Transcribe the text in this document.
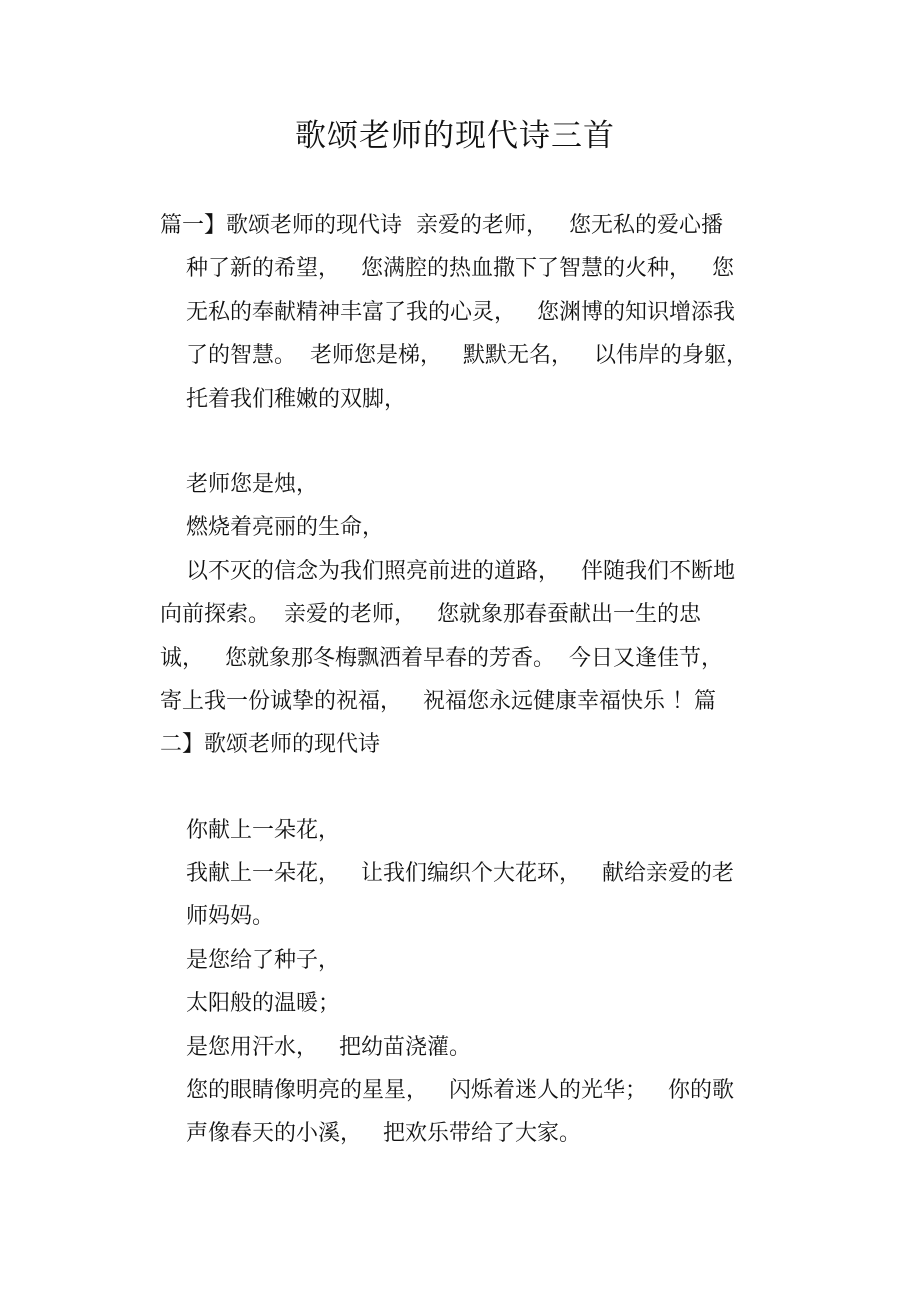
歌颂老师的现代诗三首
篇一】歌颂老师的现代诗  亲爱的老师，   您无私的爱心播
种了新的希望，   您满腔的热血撒下了智慧的火种，   您
无私的奉献精神丰富了我的心灵，   您渊博的知识增添我
了的智慧。  老师您是梯，   默默无名，   以伟岸的身躯，
托着我们稚嫩的双脚，
老师您是烛，
燃烧着亮丽的生命，
以不灭的信念为我们照亮前进的道路，   伴随我们不断地
向前探索。  亲爱的老师，   您就象那春蚕献出一生的忠
诚，   您就象那冬梅飘洒着早春的芳香。  今日又逢佳节，
寄上我一份诚挚的祝福，   祝福您永远健康幸福快乐 ！篇
二】歌颂老师的现代诗
你献上一朵花，
我献上一朵花，   让我们编织个大花环，   献给亲爱的老
师妈妈。
是您给了种子，
太阳般的温暖；
是您用汗水，   把幼苗浇灌。
您的眼睛像明亮的星星，   闪烁着迷人的光华；   你的歌
声像春天的小溪，   把欢乐带给了大家。
